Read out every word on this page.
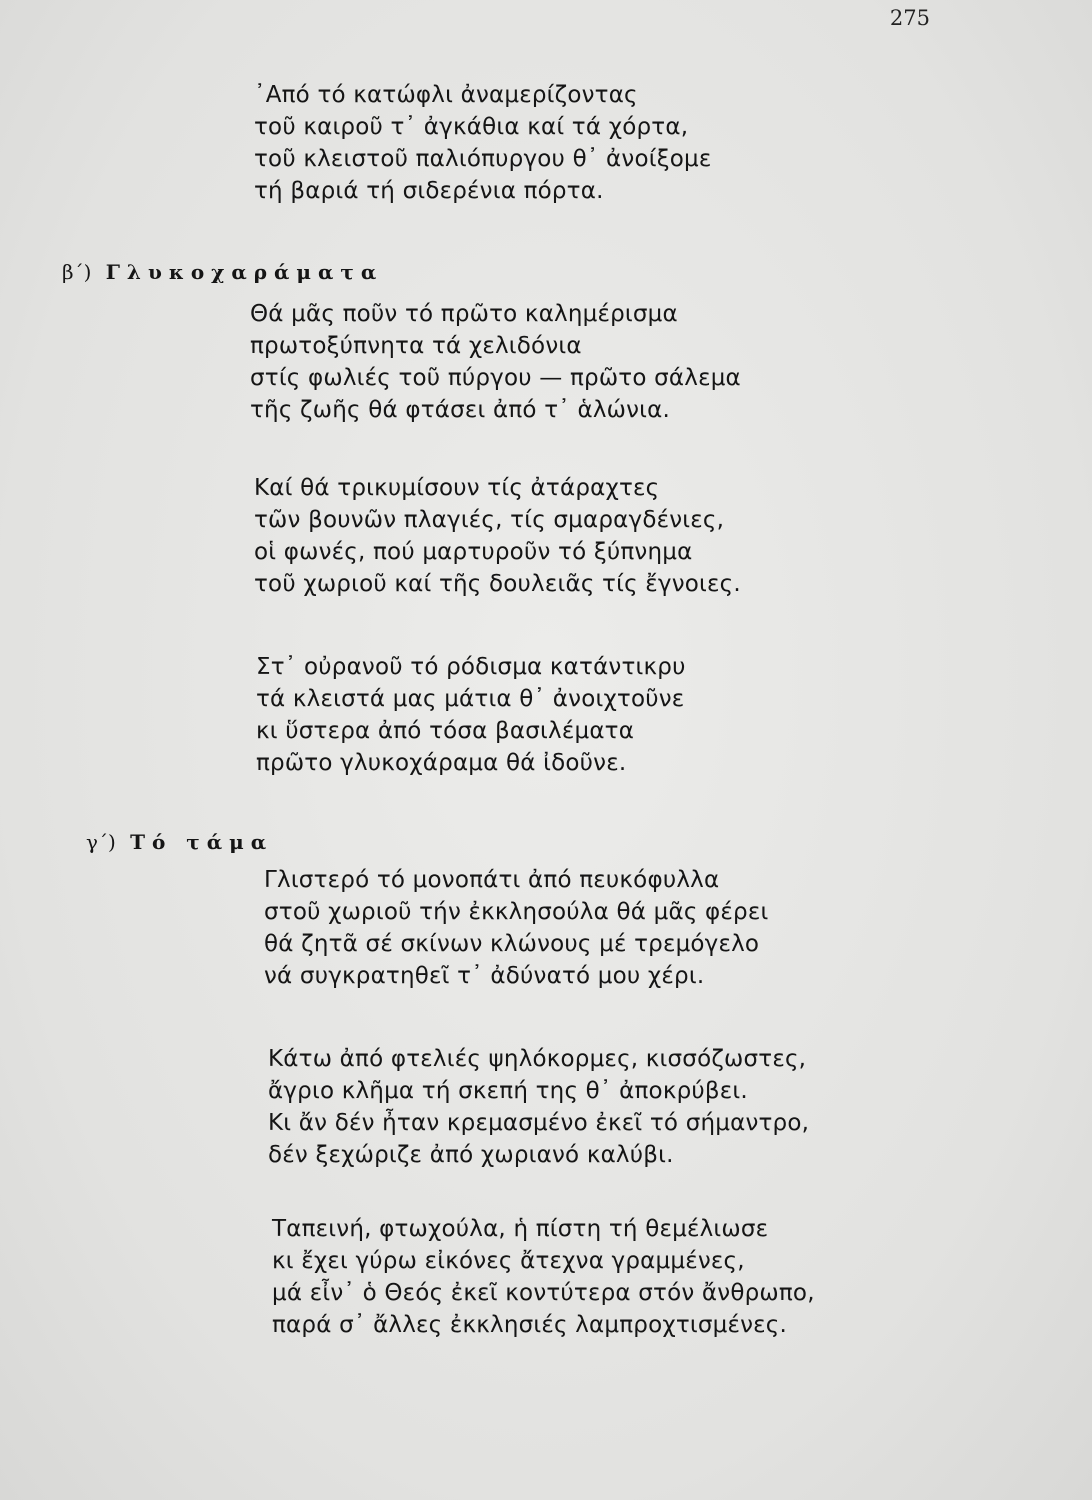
275
᾿Από τό κατώφλι ἀναμερίζοντας
τοῦ καιροῦ τ᾿ ἀγκάθια καί τά χόρτα,
τοῦ κλειστοῦ παλιόπυργου θ᾿ ἀνοίξομε
τή βαριά τή σιδερένια πόρτα.
β΄) Γλυκοχαράματα
Θά μᾶς ποῦν τό πρῶτο καλημέρισμα
πρωτοξύπνητα τά χελιδόνια
στίς φωλιές τοῦ πύργου — πρῶτο σάλεμα
τῆς ζωῆς θά φτάσει ἀπό τ᾿ ἁλώνια.
Καί θά τρικυμίσουν τίς ἀτάραχτες
τῶν βουνῶν πλαγιές, τίς σμαραγδένιες,
οἱ φωνές, πού μαρτυροῦν τό ξύπνημα
τοῦ χωριοῦ καί τῆς δουλειᾶς τίς ἔγνοιες.
Στ᾿ οὐρανοῦ τό ρόδισμα κατάντικρυ
τά κλειστά μας μάτια θ᾿ ἀνοιχτοῦνε
κι ὕστερα ἀπό τόσα βασιλέματα
πρῶτο γλυκοχάραμα θά ἰδοῦνε.
γ΄) Τό τάμα
Γλιστερό τό μονοπάτι ἀπό πευκόφυλλα
στοῦ χωριοῦ τήν ἐκκλησούλα θά μᾶς φέρει
θά ζητᾶ σέ σκίνων κλώνους μέ τρεμόγελο
νά συγκρατηθεῖ τ᾿ ἀδύνατό μου χέρι.
Κάτω ἀπό φτελιές ψηλόκορμες, κισσόζωστες,
ἄγριο κλῆμα τή σκεπή της θ᾿ ἀποκρύβει.
Κι ἄν δέν ἦταν κρεμασμένο ἐκεῖ τό σήμαντρο,
δέν ξεχώριζε ἀπό χωριανό καλύβι.
Ταπεινή, φτωχούλα, ἡ πίστη τή θεμέλιωσε
κι ἔχει γύρω εἰκόνες ἄτεχνα γραμμένες,
μά εἶν᾿ ὁ Θεός ἐκεῖ κοντύτερα στόν ἄνθρωπο,
παρά σ᾿ ἄλλες ἐκκλησιές λαμπροχτισμένες.
